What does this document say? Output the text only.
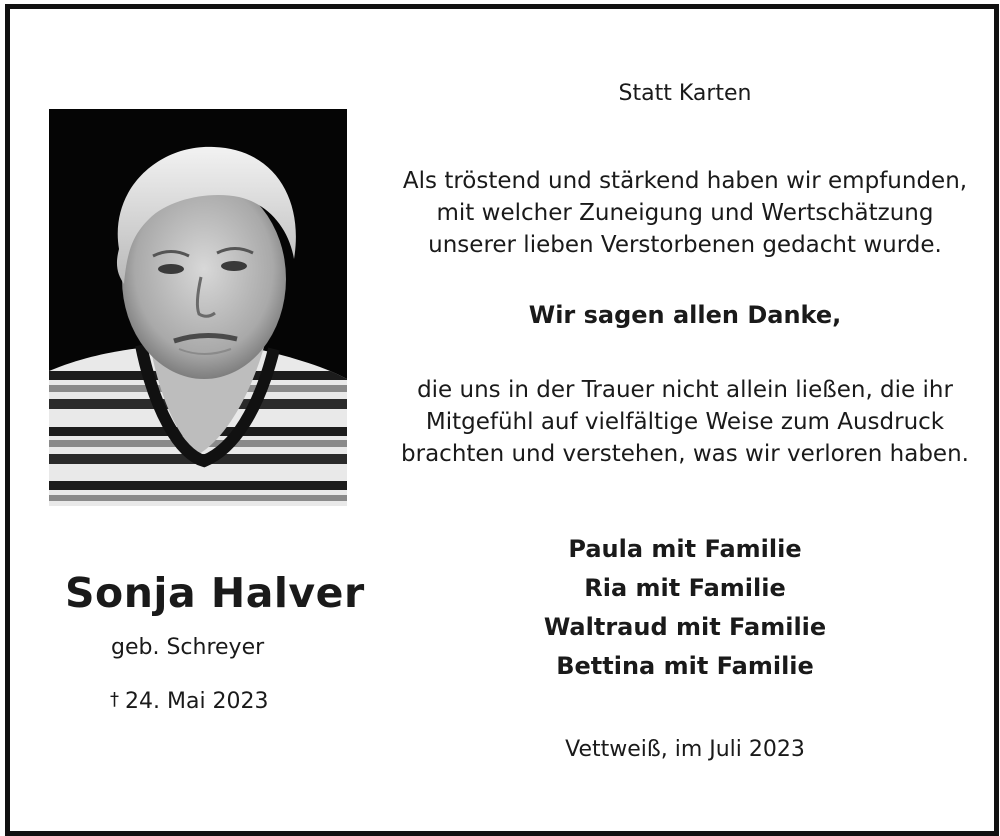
Sonja Halver
geb. Schreyer
† 24. Mai 2023
Statt Karten
Als tröstend und stärkend haben wir empfunden,
mit welcher Zuneigung und Wertschätzung
unserer lieben Verstorbenen gedacht wurde.
Wir sagen allen Danke,
die uns in der Trauer nicht allein ließen, die ihr
Mitgefühl auf vielfältige Weise zum Ausdruck
brachten und verstehen, was wir verloren haben.
Paula mit Familie
Ria mit Familie
Waltraud mit Familie
Bettina mit Familie
Vettweiß, im Juli 2023
